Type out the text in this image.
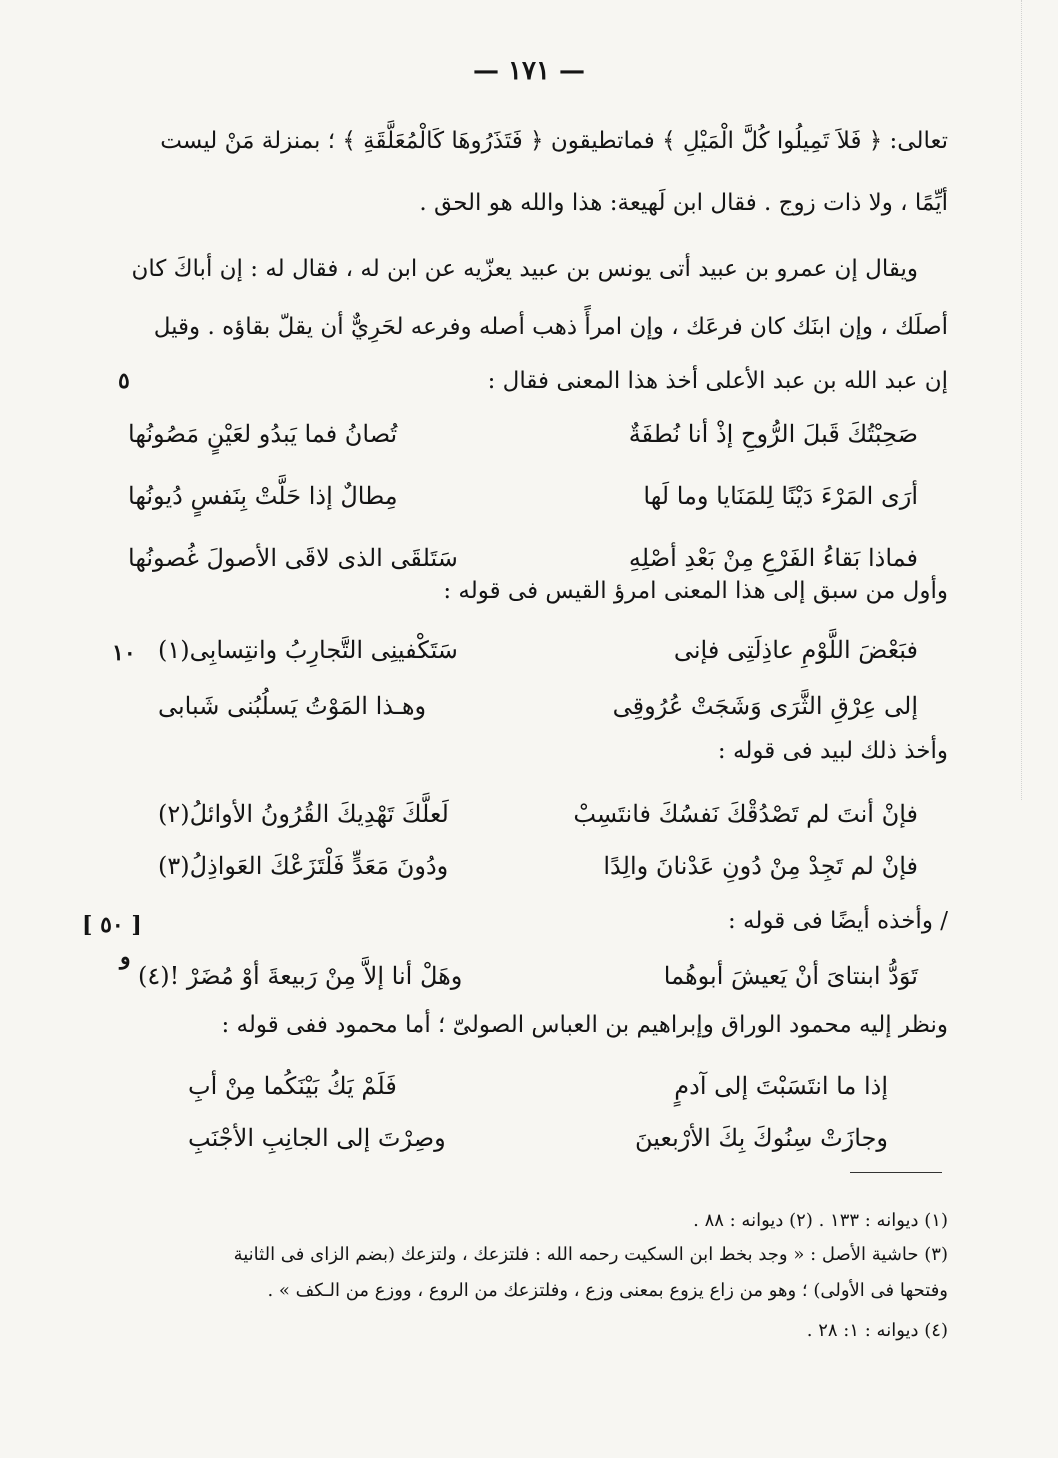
— ١٧١ —
تعالى: ﴿ فَلاَ تَمِيلُوا كُلَّ الْمَيْلِ ﴾ فماتطيقون ﴿ فَتَذَرُوهَا كَالْمُعَلَّقَةِ ﴾ ؛ بمنزلة مَنْ ليست
أيِّمًا ، ولا ذات زوج . فقال ابن لَهيعة: هذا والله هو الحق .
ويقال إن عمرو بن عبيد أتى يونس بن عبيد يعزّيه عن ابن له ، فقال له : إن أباكَ كان
أصلَك ، وإن ابنَك كان فرعَك ، وإن امرأً ذهب أصله وفرعه لحَرِيٌّ أن يقلّ بقاؤه . وقيل
إن عبد الله بن عبد الأعلى أخذ هذا المعنى فقال :
٥
صَحِبْتُكَ قَبلَ الرُّوحِ إذْ أنا نُطفَةٌ
تُصانُ فما يَبدُو لعَيْنٍ مَصُونُها
أرَى المَرْءَ دَيْنًا لِلمَنَايا وما لَها
مِطالٌ إذا حَلَّتْ بِنَفسٍ دُيونُها
فماذا بَقاءُ الفَرْعِ مِنْ بَعْدِ أصْلِهِ
سَتَلقَى الذى لاقَى الأصولَ غُصونُها
وأول من سبق إلى هذا المعنى امرؤ القيس فى قوله :
١٠	فبَعْضَ اللَّوْمِ عاذِلَتِى فإنى
سَتَكْفينِى التَّجارِبُ وانتِسابِى(١)
إلى عِرْقِ الثَّرَى وَشَجَتْ عُرُوقِى
وهـذا المَوْتُ يَسلُبُنى شَبابى
وأخذ ذلك لبيد فى قوله :
فإنْ أنتَ لم تَصْدُقْكَ نَفسُكَ فانتَسِبْ
لَعلَّكَ تَهْدِيكَ القُرُونُ الأوائلُ(٢)
فإنْ لم تَجِدْ مِنْ دُونِ عَدْنانَ والِدًا
ودُونَ مَعَدٍّ فَلْتَزَعْكَ العَواذِلُ(٣)
/ وأخذه أيضًا فى قوله :
[ ٥٠ ]
و
تَوَدُّ ابنتاىَ أنْ يَعيشَ أبوهُما
وهَلْ أنا إلاَّ مِنْ رَبيعةَ أوْ مُضَرْ !(٤)
ونظر إليه محمود الوراق وإبراهيم بن العباس الصولىّ ؛ أما محمود ففى قوله :
إذا ما انتَسَبْتَ إلى آدمٍ
فَلَمْ يَكُ بَيْنَكُما مِنْ أبِ
وجازَتْ سِنُوكَ بِكَ الأرْبعينَ
وصِرْتَ إلى الجانِبِ الأجْنَبِ
(١) ديوانه : ١٣٣ . (٢) ديوانه : ٨٨ .
(٣) حاشية الأصل : « وجد بخط ابن السكيت رحمه الله : فلتزعك ، ولتزعك (بضم الزاى فى الثانية
وفتحها فى الأولى) ؛ وهو من زاع يزوع بمعنى وزع ، وفلتزعك من الروع ، ووزع من الـكف » .
(٤) ديوانه : ١: ٢٨ .
